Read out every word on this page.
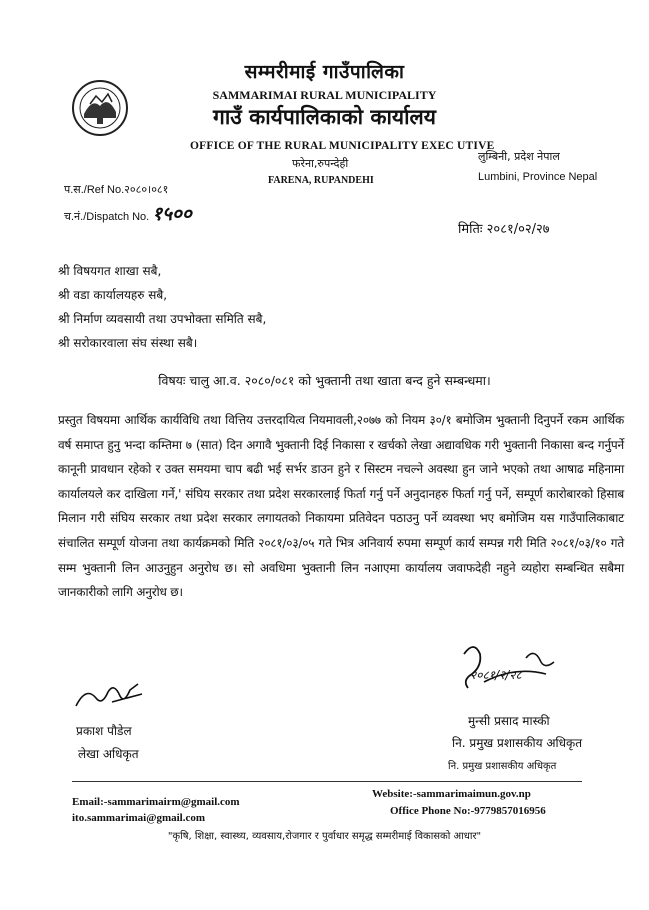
सम्मरीमाई गाउँपालिका
SAMMARIMAI RURAL MUNICIPALITY
गाउँ कार्यपालिकाको कार्यालय
OFFICE OF THE RURAL MUNICIPALITY EXEC UTIVE
फरेना,रुपन्देही
FARENA, RUPANDEHI
लुम्बिनी, प्रदेश नेपाल
Lumbini, Province Nepal
प.स./Ref No.२०८०।०८१
च.नं./Dispatch No. १५००
मितिः २०८१/०२/२७
श्री विषयगत शाखा सबै,
श्री वडा कार्यालयहरु सबै,
श्री निर्माण व्यवसायी तथा उपभोक्ता समिति सबै,
श्री सरोकारवाला संघ संस्था सबै।
विषयः चालु आ.व. २०८०/०८१ को भुक्तानी तथा खाता बन्द हुने सम्बन्धमा।
प्रस्तुत विषयमा आर्थिक कार्यविधि तथा वित्तिय उत्तरदायित्व नियमावली,२०७७ को नियम ३०/१ बमोजिम भुक्तानी दिनुपर्ने रकम आर्थिक वर्ष समाप्त हुनु भन्दा कम्तिमा ७ (सात) दिन अगावै भुक्तानी दिई निकासा र खर्चको लेखा अद्यावधिक गरी भुक्तानी निकासा बन्द गर्नुपर्ने कानूनी प्रावधान रहेको र उक्त समयमा चाप बढी भई सर्भर डाउन हुने र सिस्टम नचल्ने अवस्था हुन जाने भएको तथा आषाढ महिनामा कार्यालयले कर दाखिला गर्ने,' संघिय सरकार तथा प्रदेश सरकारलाई फिर्ता गर्नु पर्ने अनुदानहरु फिर्ता गर्नु पर्ने, सम्पूर्ण कारोबारको हिसाब मिलान गरी संघिय सरकार तथा प्रदेश सरकार लगायतको निकायमा प्रतिवेदन पठाउनु पर्ने व्यवस्था भए बमोजिम यस गाउँपालिकाबाट संचालित सम्पूर्ण योजना तथा कार्यक्रमको मिति २०८१/०३/०५ गते भित्र अनिवार्य रुपमा सम्पूर्ण कार्य सम्पन्न गरी मिति २०८१/०३/१० गते सम्म भुक्तानी लिन आउनुहुन अनुरोध छ। सो अवधिमा भुक्तानी लिन नआएमा कार्यालय जवाफदेही नहुने व्यहोरा सम्बन्धित सबैमा जानकारीको लागि अनुरोध छ।
प्रकाश पौडेल
लेखा अधिकृत
२०८१/२/२८
मुन्सी प्रसाद मास्की
नि. प्रमुख प्रशासकीय अधिकृत
नि. प्रमुख प्रशासकीय अधिकृत
Email:-sammarimairm@gmail.com
ito.sammarimai@gmail.com
Website:-sammarimaimun.gov.np
Office Phone No:-9779857016956
"कृषि, शिक्षा, स्वास्थ्य, व्यवसाय,रोजगार र पुर्वाधार समृद्ध सम्मरीमाई विकासको आधार"
